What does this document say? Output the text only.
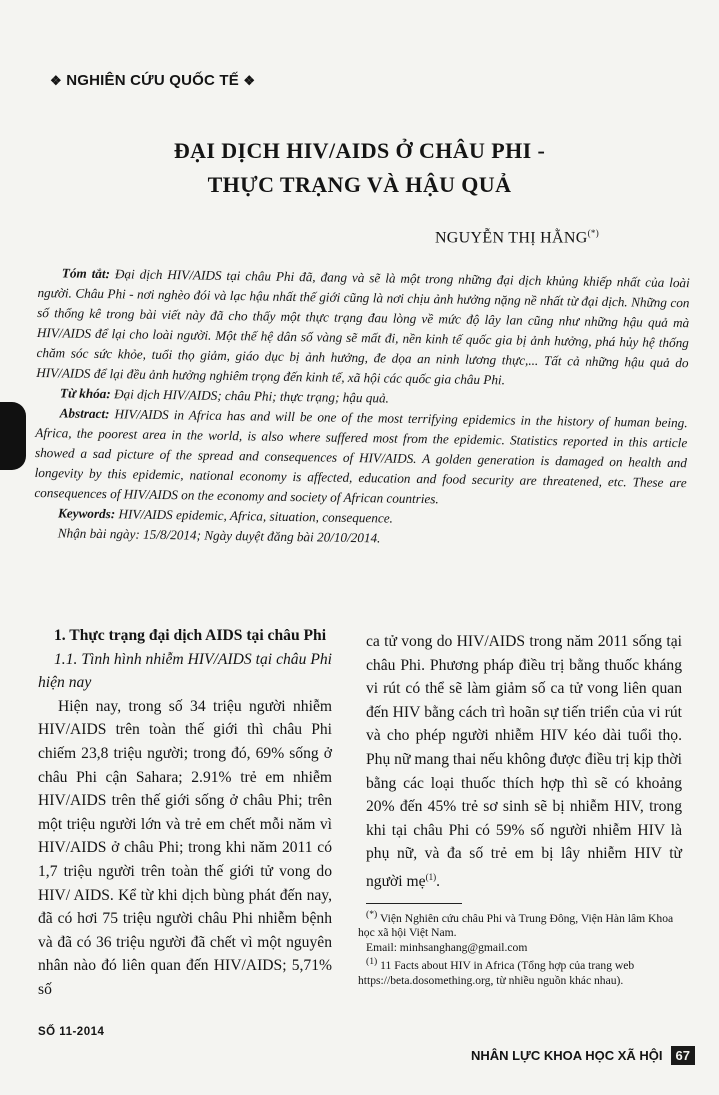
❖ NGHIÊN CỨU QUỐC TẾ ❖
ĐẠI DỊCH HIV/AIDS Ở CHÂU PHI -
THỰC TRẠNG VÀ HẬU QUẢ
NGUYỄN THỊ HẰNG(*)

Tóm tắt: Đại dịch HIV/AIDS tại châu Phi đã, đang và sẽ là một trong những đại dịch khủng khiếp nhất của loài người. Châu Phi - nơi nghèo đói và lạc hậu nhất thế giới cũng là nơi chịu ảnh hưởng nặng nề nhất từ đại dịch. Những con số thống kê trong bài viết này đã cho thấy một thực trạng đau lòng về mức độ lây lan cũng như những hậu quả mà HIV/AIDS để lại cho loài người. Một thế hệ dân số vàng sẽ mất đi, nền kinh tế quốc gia bị ảnh hưởng, phá hủy hệ thống chăm sóc sức khỏe, tuổi thọ giảm, giáo dục bị ảnh hưởng, đe dọa an ninh lương thực,... Tất cả những hậu quả do HIV/AIDS để lại đều ảnh hưởng nghiêm trọng đến kinh tế, xã hội các quốc gia châu Phi.

Từ khóa: Đại dịch HIV/AIDS; châu Phi; thực trạng; hậu quả.

Abstract: HIV/AIDS in Africa has and will be one of the most terrifying epidemics in the history of human being. Africa, the poorest area in the world, is also where suffered most from the epidemic. Statistics reported in this article showed a sad picture of the spread and consequences of HIV/AIDS. A golden generation is damaged on health and longevity by this epidemic, national economy is affected, education and food security are threatened, etc. These are consequences of HIV/AIDS on the economy and society of African countries.

Keywords: HIV/AIDS epidemic, Africa, situation, consequence.

Nhận bài ngày: 15/8/2014; Ngày duyệt đăng bài 20/10/2014.

1. Thực trạng đại dịch AIDS tại châu Phi

1.1. Tình hình nhiễm HIV/AIDS tại châu Phi hiện nay

Hiện nay, trong số 34 triệu người nhiễm HIV/AIDS trên toàn thế giới thì châu Phi chiếm 23,8 triệu người; trong đó, 69% sống ở châu Phi cận Sahara; 2.91% trẻ em nhiễm HIV/AIDS trên thế giới sống ở châu Phi; trên một triệu người lớn và trẻ em chết mỗi năm vì HIV/AIDS ở châu Phi; trong khi năm 2011 có 1,7 triệu người trên toàn thế giới tử vong do HIV/ AIDS. Kể từ khi dịch bùng phát đến nay, đã có hơi 75 triệu người châu Phi nhiễm bệnh và đã có 36 triệu người đã chết vì một nguyên nhân nào đó liên quan đến HIV/AIDS; 5,71% số

ca tử vong do HIV/AIDS trong năm 2011 sống tại châu Phi. Phương pháp điều trị bằng thuốc kháng vi rút có thể sẽ làm giảm số ca tử vong liên quan đến HIV bằng cách trì hoãn sự tiến triển của vi rút và cho phép người nhiễm HIV kéo dài tuổi thọ. Phụ nữ mang thai nếu không được điều trị kịp thời bằng các loại thuốc thích hợp thì sẽ có khoảng 20% đến 45% trẻ sơ sinh sẽ bị nhiễm HIV, trong khi tại châu Phi có 59% số người nhiễm HIV là phụ nữ, và đa số trẻ em bị lây nhiễm HIV từ người mẹ$^{(1)}$.

(*) Viện Nghiên cứu châu Phi và Trung Đông, Viện Hàn lâm Khoa học xã hội Việt Nam.

Email: minhsanghang@gmail.com

$^{(1)}$ 11 Facts about HIV in Africa (Tổng hợp của trang web https://beta.dosomething.org, từ nhiều nguồn khác nhau).

SỐ 11-2014
NHÂN LỰC KHOA HỌC XÃ HỘI	67
